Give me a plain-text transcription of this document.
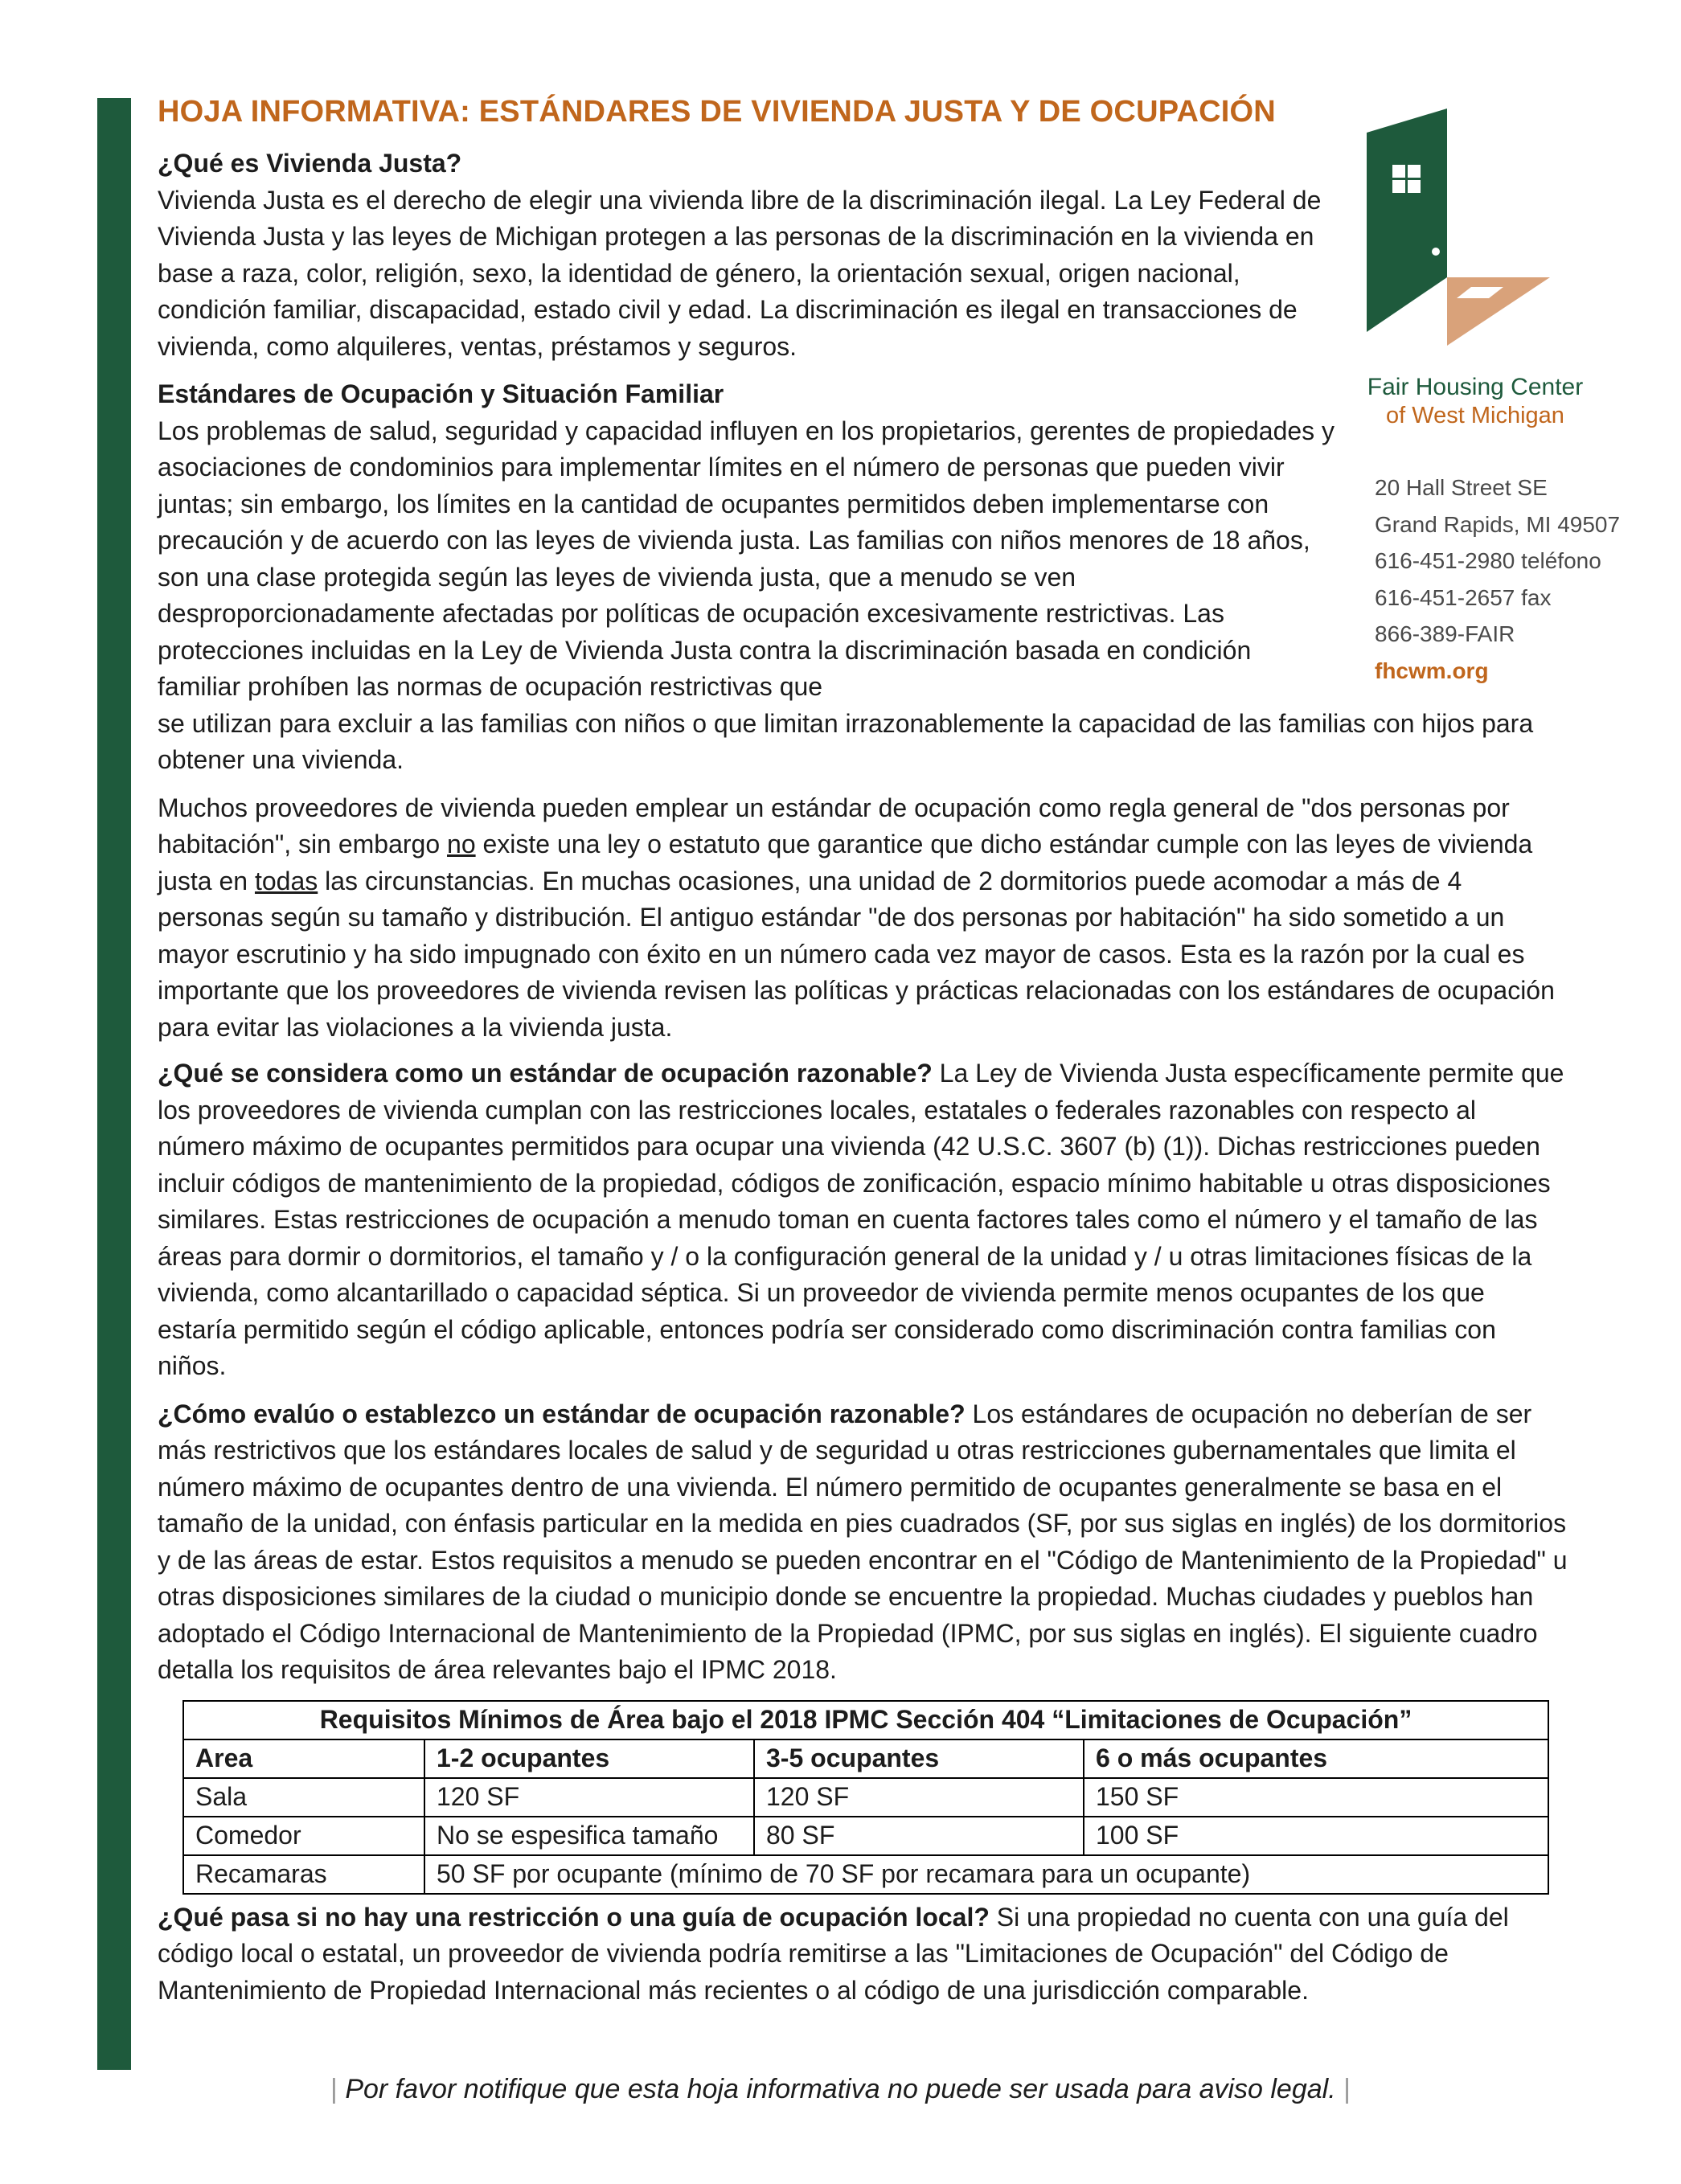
Fair Housing Center
of West Michigan
20 Hall Street SE
Grand Rapids, MI 49507
616-451-2980 teléfono
616-451-2657 fax
866-389-FAIR
fhcwm.org
HOJA INFORMATIVA: ESTÁNDARES DE VIVIENDA JUSTA Y DE OCUPACIÓN

¿Qué es Vivienda Justa?

Vivienda Justa es el derecho de elegir una vivienda libre de la discriminación ilegal. La Ley Federal de Vivienda Justa y las leyes de Michigan protegen a las personas de la discriminación en la vivienda en base a raza, color, religión, sexo, la identidad de género, la orientación sexual, origen nacional, condición familiar, discapacidad, estado civil y edad. La discriminación es ilegal en transacciones de vivienda, como alquileres, ventas, préstamos y seguros.

Estándares de Ocupación y Situación Familiar

Los problemas de salud, seguridad y capacidad influyen en los propietarios, gerentes de propiedades y asociaciones de condominios para implementar límites en el número de personas que pueden vivir juntas; sin embargo, los límites en la cantidad de ocupantes permitidos deben implementarse con precaución y de acuerdo con las leyes de vivienda justa. Las familias con niños menores de 18 años, son una clase protegida según las leyes de vivienda justa, que a menudo se ven desproporcionadamente afectadas por políticas de ocupación excesivamente restrictivas. Las protecciones incluidas en la Ley de Vivienda Justa contra la discriminación basada en condición familiar prohíben las normas de ocupación restrictivas que

se utilizan para excluir a las familias con niños o que limitan irrazonablemente la capacidad de las familias con hijos para obtener una vivienda.

Muchos proveedores de vivienda pueden emplear un estándar de ocupación como regla general de "dos personas por habitación", sin embargo no existe una ley o estatuto que garantice que dicho estándar cumple con las leyes de vivienda justa en todas las circunstancias. En muchas ocasiones, una unidad de 2 dormitorios puede acomodar a más de 4 personas según su tamaño y distribución. El antiguo estándar "de dos personas por habitación" ha sido sometido a un mayor escrutinio y ha sido impugnado con éxito en un número cada vez mayor de casos. Esta es la razón por la cual es importante que los proveedores de vivienda revisen las políticas y prácticas relacionadas con los estándares de ocupación para evitar las violaciones a la vivienda justa.

¿Qué se considera como un estándar de ocupación razonable? La Ley de Vivienda Justa específicamente permite que los proveedores de vivienda cumplan con las restricciones locales, estatales o federales razonables con respecto al número máximo de ocupantes permitidos para ocupar una vivienda (42 U.S.C. 3607 (b) (1)). Dichas restricciones pueden incluir códigos de mantenimiento de la propiedad, códigos de zonificación, espacio mínimo habitable u otras disposiciones similares. Estas restricciones de ocupación a menudo toman en cuenta factores tales como el número y el tamaño de las áreas para dormir o dormitorios, el tamaño y / o la configuración general de la unidad y / u otras limitaciones físicas de la vivienda, como alcantarillado o capacidad séptica. Si un proveedor de vivienda permite menos ocupantes de los que estaría permitido según el código aplicable, entonces podría ser considerado como discriminación contra familias con niños.

¿Cómo evalúo o establezco un estándar de ocupación razonable? Los estándares de ocupación no deberían de ser más restrictivos que los estándares locales de salud y de seguridad u otras restricciones gubernamentales que limita el número máximo de ocupantes dentro de una vivienda. El número permitido de ocupantes generalmente se basa en el tamaño de la unidad, con énfasis particular en la medida en pies cuadrados (SF, por sus siglas en inglés) de los dormitorios y de las áreas de estar. Estos requisitos a menudo se pueden encontrar en el "Código de Mantenimiento de la Propiedad" u otras disposiciones similares de la ciudad o municipio donde se encuentre la propiedad. Muchas ciudades y pueblos han adoptado el Código Internacional de Mantenimiento de la Propiedad (IPMC, por sus siglas en inglés). El siguiente cuadro detalla los requisitos de área relevantes bajo el IPMC 2018.

Requisitos Mínimos de Área bajo el 2018 IPMC Sección 404 “Limitaciones de Ocupación”			
Area	1-2 ocupantes	3-5 ocupantes	6 o más ocupantes
Sala	120 SF	120 SF	150 SF
Comedor	No se espesifica tamaño	80 SF	100 SF
Recamaras	50 SF por ocupante (mínimo de 70 SF por recamara para un ocupante)		

¿Qué pasa si no hay una restricción o una guía de ocupación local? Si una propiedad no cuenta con una guía del código local o estatal, un proveedor de vivienda podría remitirse a las "Limitaciones de Ocupación" del Código de Mantenimiento de Propiedad Internacional más recientes o al código de una jurisdicción comparable.

| Por favor notifique que esta hoja informativa no puede ser usada para aviso legal. |
